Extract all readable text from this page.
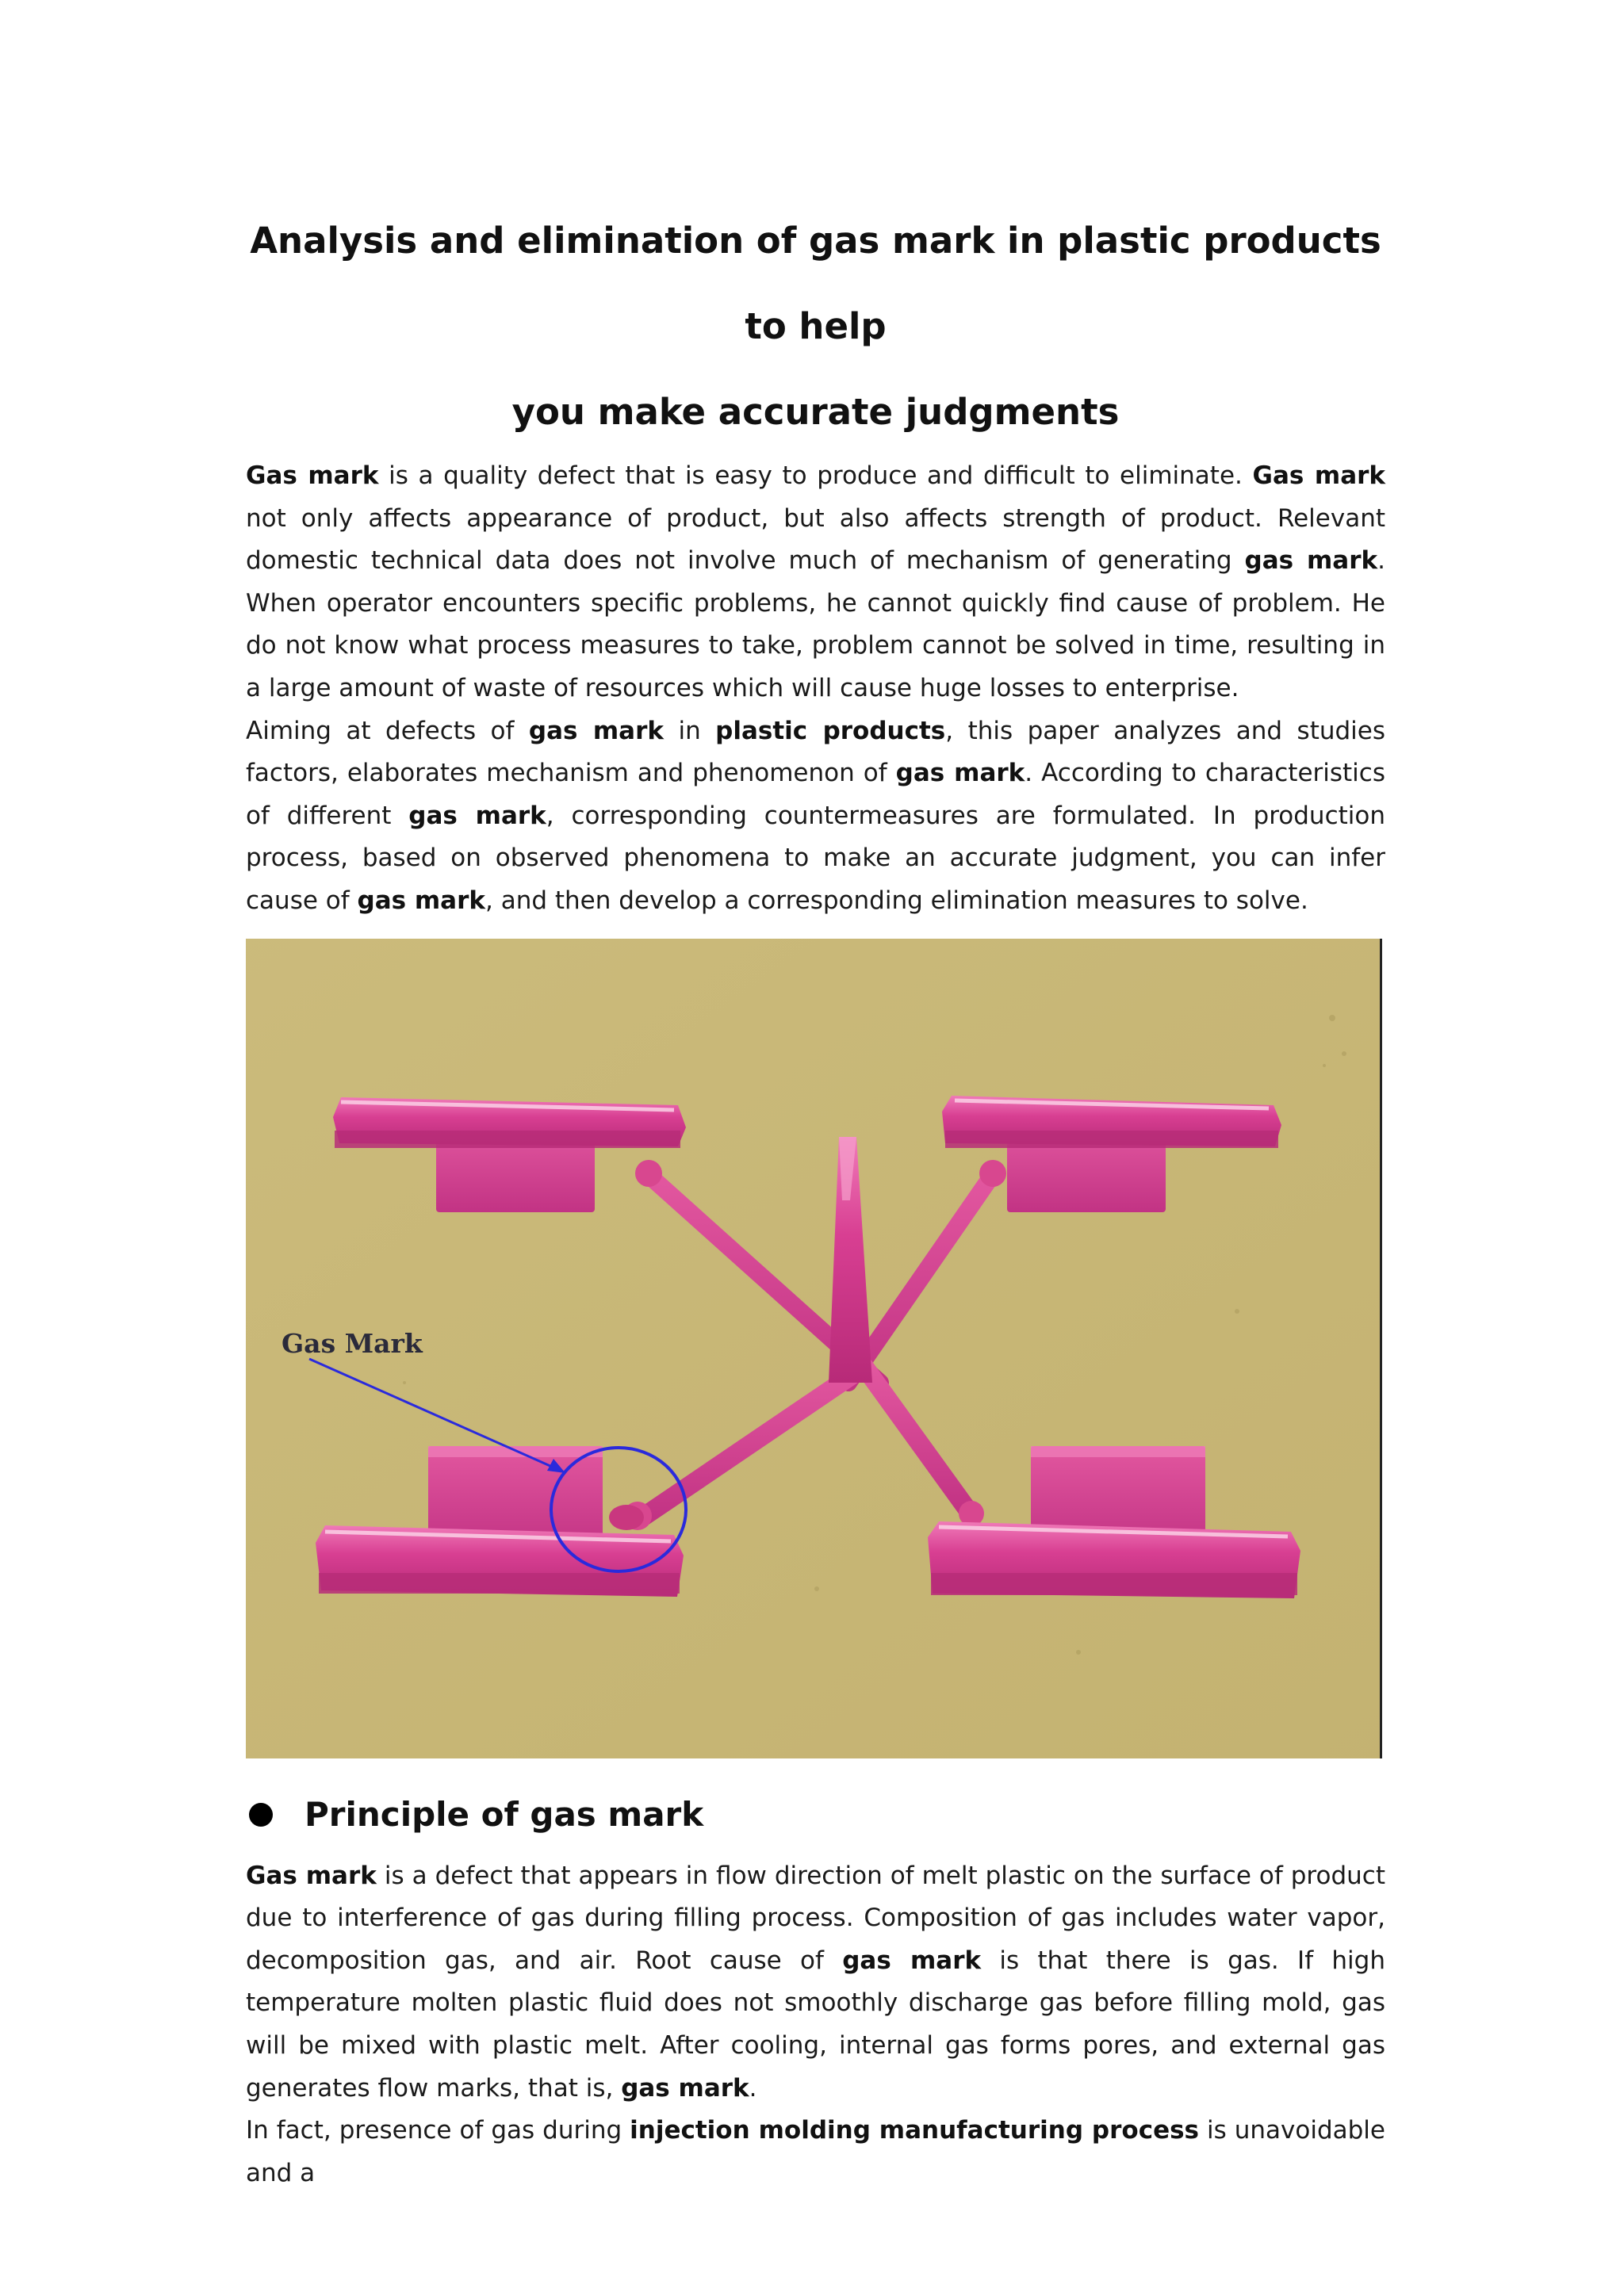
Analysis and elimination of gas mark in plastic products to help
you make accurate judgments

Gas mark is a quality defect that is easy to produce and difficult to eliminate. Gas mark not only affects appearance of product, but also affects strength of product. Relevant domestic technical data does not involve much of mechanism of generating gas mark. When operator encounters specific problems, he cannot quickly find cause of problem. He do not know what process measures to take, problem cannot be solved in time, resulting in a large amount of waste of resources which will cause huge losses to enterprise.

Aiming at defects of gas mark in plastic products, this paper analyzes and studies factors, elaborates mechanism and phenomenon of gas mark. According to characteristics of different gas mark, corresponding countermeasures are formulated. In production process, based on observed phenomena to make an accurate judgment, you can infer cause of gas mark, and then develop a corresponding elimination measures to solve.

Gas Mark
Principle of gas mark

Gas mark is a defect that appears in flow direction of melt plastic on the surface of product due to interference of gas during filling process. Composition of gas includes water vapor, decomposition gas, and air. Root cause of gas mark is that there is gas. If high temperature molten plastic fluid does not smoothly discharge gas before filling mold, gas will be mixed with plastic melt. After cooling, internal gas forms pores, and external gas generates flow marks, that is, gas mark.

In fact, presence of gas during injection molding manufacturing process is unavoidable and a
